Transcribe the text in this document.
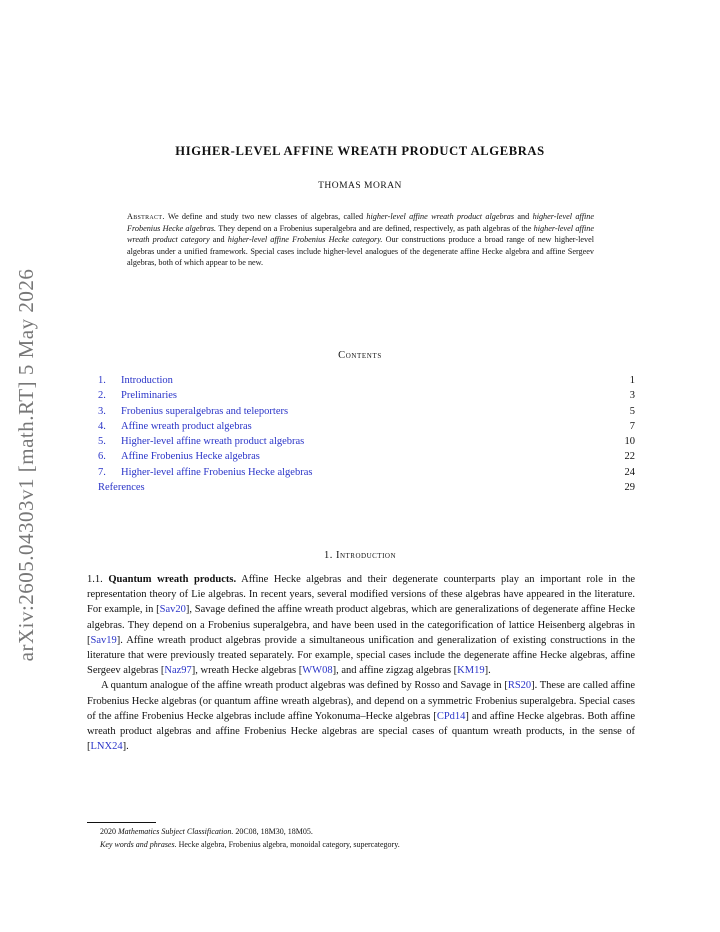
arXiv:2605.04303v1 [math.RT] 5 May 2026
HIGHER-LEVEL AFFINE WREATH PRODUCT ALGEBRAS
THOMAS MORAN
Abstract. We define and study two new classes of algebras, called higher-level affine wreath product algebras and higher-level affine Frobenius Hecke algebras. They depend on a Frobenius superalgebra and are defined, respectively, as path algebras of the higher-level affine wreath product category and higher-level affine Frobenius Hecke category. Our constructions produce a broad range of new higher-level algebras under a unified framework. Special cases include higher-level analogues of the degenerate affine Hecke algebra and affine Sergeev algebras, both of which appear to be new.
Contents
1. Introduction	1
2. Preliminaries	3
3. Frobenius superalgebras and teleporters	5
4. Affine wreath product algebras	7
5. Higher-level affine wreath product algebras	10
6. Affine Frobenius Hecke algebras	22
7. Higher-level affine Frobenius Hecke algebras	24
References	29
1. Introduction

1.1. Quantum wreath products. Affine Hecke algebras and their degenerate counterparts play an important role in the representation theory of Lie algebras. In recent years, several modified versions of these algebras have appeared in the literature. For example, in [Sav20], Savage defined the affine wreath product algebras, which are generalizations of degenerate affine Hecke algebras. They depend on a Frobenius superalgebra, and have been used in the categorification of lattice Heisenberg algebras in [Sav19]. Affine wreath product algebras provide a simultaneous unification and generalization of existing constructions in the literature that were previously treated separately. For example, special cases include the degenerate affine Hecke algebras, affine Sergeev algebras [Naz97], wreath Hecke algebras [WW08], and affine zigzag algebras [KM19].

A quantum analogue of the affine wreath product algebras was defined by Rosso and Savage in [RS20]. These are called affine Frobenius Hecke algebras (or quantum affine wreath algebras), and depend on a symmetric Frobenius superalgebra. Special cases of the affine Frobenius Hecke algebras include affine Yokonuma–Hecke algebras [CPd14] and affine Hecke algebras. Both affine wreath product algebras and affine Frobenius Hecke algebras are special cases of quantum wreath products, in the sense of [LNX24].

2020 Mathematics Subject Classification. 20C08, 18M30, 18M05.
Key words and phrases. Hecke algebra, Frobenius algebra, monoidal category, supercategory.
